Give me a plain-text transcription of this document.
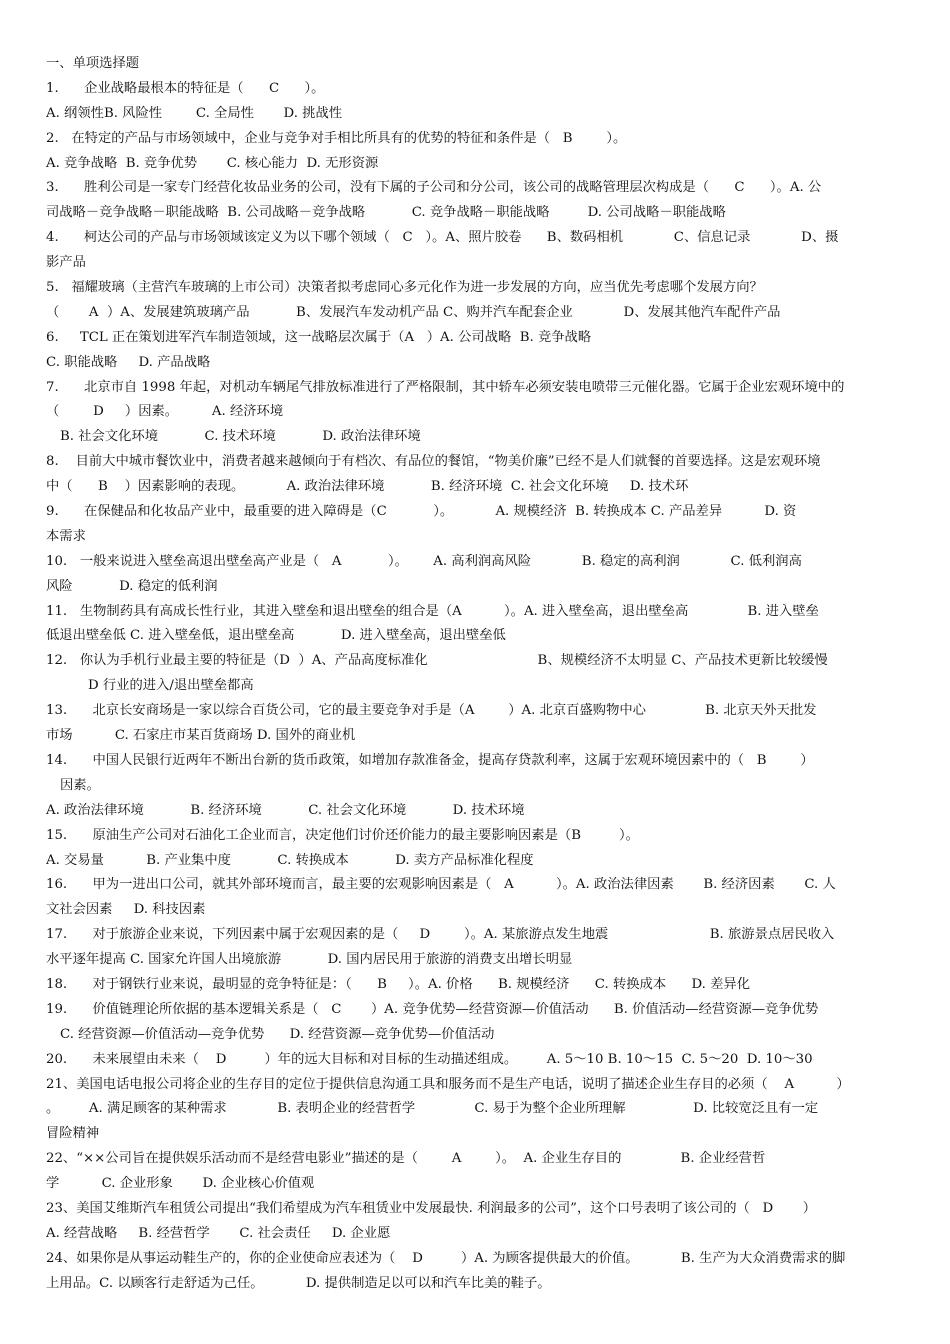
一、单项选择题
1.      企业战略最根本的特征是（      C      ）。
A. 纲领性B. 风险性        C. 全局性       D. 挑战性
2.   在特定的产品与市场领域中，企业与竞争对手相比所具有的优势的特征和条件是（   B        ）。
A. 竞争战略  B. 竞争优势       C. 核心能力  D. 无形资源
3.      胜利公司是一家专门经营化妆品业务的公司，没有下属的子公司和分公司，该公司的战略管理层次构成是（      C      ）。A. 公
司战略－竞争战略－职能战略  B. 公司战略－竞争战略           C. 竞争战略－职能战略         D. 公司战略－职能战略
4.      柯达公司的产品与市场领域该定义为以下哪个领域（   C   ）。A、照片胶卷      B、数码相机            C、信息记录            D、摄
影产品
5.   福耀玻璃（主营汽车玻璃的上市公司）决策者拟考虑同心多元化作为进一步发展的方向，应当优先考虑哪个发展方向？
（       A  ）A、发展建筑玻璃产品           B、发展汽车发动机产品 C、购并汽车配套企业            D、发展其他汽车配件产品
6.     TCL 正在策划进军汽车制造领域，这一战略层次属于（A   ）A. 公司战略  B. 竞争战略
C. 职能战略     D. 产品战略
7.      北京市自 1998 年起，对机动车辆尾气排放标准进行了严格限制，其中轿车必须安装电喷带三元催化器。它属于企业宏观环境中的
（        D     ）因素。        A. 经济环境
B. 社会文化环境           C. 技术环境           D. 政治法律环境
8.    目前大中城市餐饮业中，消费者越来越倾向于有档次、有品位的餐馆，“物美价廉”已经不是人们就餐的首要选择。这是宏观环境
中（      B    ）因素影响的表现。          A. 政治法律环境           B. 经济环境  C. 社会文化环境     D. 技术环
9.      在保健品和化妆品产业中，最重要的进入障碍是（C           ）。          A. 规模经济  B. 转换成本 C. 产品差异          D. 资
本需求
10.   一般来说进入壁垒高退出壁垒高产业是（   A           ）。      A. 高利润高风险            B. 稳定的高利润            C. 低利润高
风险           D. 稳定的低利润
11.   生物制药具有高成长性行业，其进入壁垒和退出壁垒的组合是（A          ）。A. 进入壁垒高，退出壁垒高              B. 进入壁垒
低退出壁垒低 C. 进入壁垒低，退出壁垒高           D. 进入壁垒高，退出壁垒低
12.   你认为手机行业最主要的特征是（D  ）A、产品高度标准化                          B、规模经济不太明显 C、产品技术更新比较缓慢
D 行业的进入/退出壁垒都高
13.      北京长安商场是一家以综合百货公司，它的最主要竞争对手是（A        ）A. 北京百盛购物中心              B. 北京天外天批发
市场          C. 石家庄市某百货商场 D. 国外的商业机
14.      中国人民银行近两年不断出台新的货币政策，如增加存款准备金，提高存贷款利率，这属于宏观环境因素中的（   B        ）
因素。
A. 政治法律环境           B. 经济环境           C. 社会文化环境           D. 技术环境
15.      原油生产公司对石油化工企业而言，决定他们讨价还价能力的最主要影响因素是（B         ）。
A. 交易量          B. 产业集中度           C. 转换成本           D. 卖方产品标准化程度
16.      甲为一进出口公司，就其外部环境而言，最主要的宏观影响因素是（   A          ）。A. 政治法律因素       B. 经济因素       C. 人
文社会因素     D. 科技因素
17.      对于旅游企业来说，下列因素中属于宏观因素的是（     D        ）。A. 某旅游点发生地震                        B. 旅游景点居民收入
水平逐年提高 C. 国家允许国人出境旅游           D. 国内居民用于旅游的消费支出增长明显
18.      对于钢铁行业来说，最明显的竞争特征是：（      B     ）。A. 价格      B. 规模经济      C. 转换成本      D. 差异化
19.      价值链理论所依据的基本逻辑关系是（   C       ）A. 竞争优势—经营资源—价值活动      B. 价值活动—经营资源—竞争优势
C. 经营资源—价值活动—竞争优势      D. 经营资源—竞争优势—价值活动
20.      未来展望由未来（    D         ）年的远大目标和对目标的生动描述组成。       A. 5～10 B. 10～15  C. 5～20  D. 10～30
21、美国电话电报公司将企业的生存目的定位于提供信息沟通工具和服务而不是生产电话，说明了描述企业生存目的必须（    A          ）
。       A. 满足顾客的某种需求            B. 表明企业的经营哲学              C. 易于为整个企业所理解                D. 比较宽泛且有一定
冒险精神
22、“××公司旨在提供娱乐活动而不是经营电影业”描述的是（        A        ）。  A. 企业生存目的              B. 企业经营哲
学          C. 企业形象       D. 企业核心价值观
23、美国艾维斯汽车租赁公司提出“我们希望成为汽车租赁业中发展最快. 利润最多的公司”，这个口号表明了该公司的（   D       ）
A. 经营战略     B. 经营哲学       C. 社会责任     D. 企业愿
24、如果你是从事运动鞋生产的，你的企业使命应表述为（    D         ）A. 为顾客提供最大的价值。          B. 生产为大众消费需求的脚
上用品。C. 以顾客行走舒适为己任。          D. 提供制造足以可以和汽车比美的鞋子。
